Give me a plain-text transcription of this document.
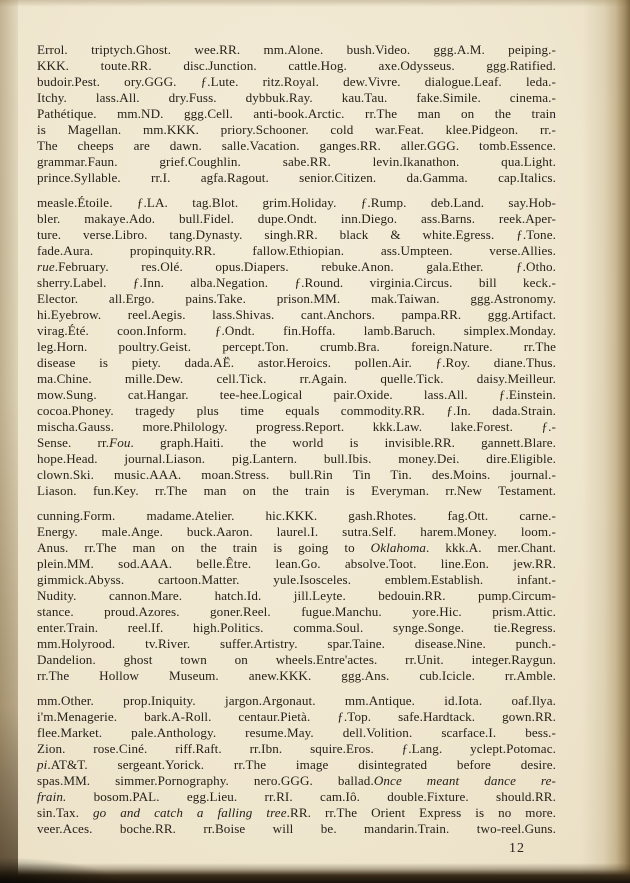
Errol. triptych.Ghost. wee.RR. mm.Alone. bush.Video. ggg.A.M. peiping.-
KKK. toute.RR. disc.Junction. cattle.Hog. axe.Odysseus. ggg.Ratified.
budoir.Pest. ory.GGG. ƒ.Lute. ritz.Royal. dew.Vivre. dialogue.Leaf. leda.-
Itchy. lass.All. dry.Fuss. dybbuk.Ray. kau.Tau. fake.Simile. cinema.-
Pathétique. mm.ND. ggg.Cell. anti-book.Arctic. rr.The man on the train
is Magellan. mm.KKK. priory.Schooner. cold war.Feat. klee.Pidgeon. rr.-
The cheeps are dawn. salle.Vacation. ganges.RR. aller.GGG. tomb.Essence.
grammar.Faun. grief.Coughlin. sabe.RR. levin.Ikanathon. qua.Light.
prince.Syllable. rr.I. agfa.Ragout. senior.Citizen. da.Gamma. cap.Italics.
measle.Étoile. ƒ.LA. tag.Blot. grim.Holiday. ƒ.Rump. deb.Land. say.Hob-
bler. makaye.Ado. bull.Fidel. dupe.Ondt. inn.Diego. ass.Barns. reek.Aper-
ture. verse.Libro. tang.Dynasty. singh.RR. black & white.Egress. ƒ.Tone.
fade.Aura. propinquity.RR. fallow.Ethiopian. ass.Umpteen. verse.Allies.
rue.February. res.Olé. opus.Diapers. rebuke.Anon. gala.Ether. ƒ.Otho.
sherry.Label. ƒ.Inn. alba.Negation. ƒ.Round. virginia.Circus. bill keck.-
Elector. all.Ergo. pains.Take. prison.MM. mak.Taiwan. ggg.Astronomy.
hi.Eyebrow. reel.Aegis. lass.Shivas. cant.Anchors. pampa.RR. ggg.Artifact.
virag.Été. coon.Inform. ƒ.Ondt. fin.Hoffa. lamb.Baruch. simplex.Monday.
leg.Horn. poultry.Geist. percept.Ton. crumb.Bra. foreign.Nature. rr.The
disease is piety. dada.AË. astor.Heroics. pollen.Air. ƒ.Roy. diane.Thus.
ma.Chine. mille.Dew. cell.Tick. rr.Again. quelle.Tick. daisy.Meilleur.
mow.Sung. cat.Hangar. tee-hee.Logical pair.Oxide. lass.All. ƒ.Einstein.
cocoa.Phoney. tragedy plus time equals commodity.RR. ƒ.In. dada.Strain.
mischa.Gauss. more.Philology. progress.Report. kkk.Law. lake.Forest. ƒ.-
Sense. rr.Fou. graph.Haiti. the world is invisible.RR. gannett.Blare.
hope.Head. journal.Liason. pig.Lantern. bull.Ibis. money.Dei. dire.Eligible.
clown.Ski. music.AAA. moan.Stress. bull.Rin Tin Tin. des.Moins. journal.-
Liason. fun.Key. rr.The man on the train is Everyman. rr.New Testament.
cunning.Form. madame.Atelier. hic.KKK. gash.Rhotes. fag.Ott. carne.-
Energy. male.Ange. buck.Aaron. laurel.I. sutra.Self. harem.Money. loom.-
Anus. rr.The man on the train is going to Oklahoma. kkk.A. mer.Chant.
plein.MM. sod.AAA. belle.Être. lean.Go. absolve.Toot. line.Eon. jew.RR.
gimmick.Abyss. cartoon.Matter. yule.Isosceles. emblem.Establish. infant.-
Nudity. cannon.Mare. hatch.Id. jill.Leyte. bedouin.RR. pump.Circum-
stance. proud.Azores. goner.Reel. fugue.Manchu. yore.Hic. prism.Attic.
enter.Train. reel.If. high.Politics. comma.Soul. synge.Songe. tie.Regress.
mm.Holyrood. tv.River. suffer.Artistry. spar.Taine. disease.Nine. punch.-
Dandelion. ghost town on wheels.Entre'actes. rr.Unit. integer.Raygun.
rr.The Hollow Museum. anew.KKK. ggg.Ans. cub.Icicle. rr.Amble.
mm.Other. prop.Iniquity. jargon.Argonaut. mm.Antique. id.Iota. oaf.Ilya.
i'm.Menagerie. bark.A-Roll. centaur.Pietà. ƒ.Top. safe.Hardtack. gown.RR.
flee.Market. pale.Anthology. resume.May. dell.Volition. scarface.I. bess.-
Zion. rose.Ciné. riff.Raft. rr.Ibn. squire.Eros. ƒ.Lang. yclept.Potomac.
pi.AT&T. sergeant.Yorick. rr.The image disintegrated before desire.
spas.MM. simmer.Pornography. nero.GGG. ballad.Once meant dance re-
frain. bosom.PAL. egg.Lieu. rr.RI. cam.Iô. double.Fixture. should.RR.
sin.Tax. go and catch a falling tree.RR. rr.The Orient Express is no more.
veer.Aces. boche.RR. rr.Boise will be. mandarin.Train. two-reel.Guns.
12
